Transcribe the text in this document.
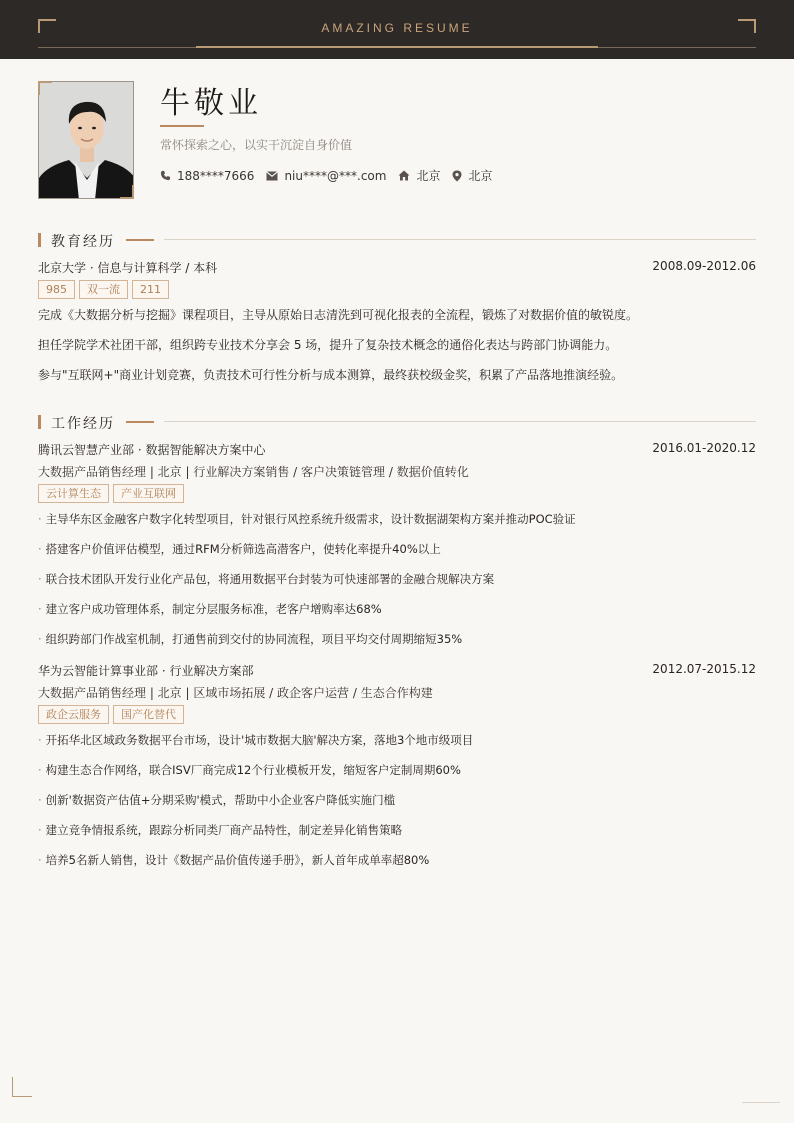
AMAZING RESUME
牛敬业
常怀探索之心，以实干沉淀自身价值
188****7666	niu****@***.com	北京 北京
教育经历
北京大学 · 信息与计算科学 / 本科	2008.09-2012.06
985	双一流	211
完成《大数据分析与挖掘》课程项目，主导从原始日志清洗到可视化报表的全流程，锻炼了对数据价值的敏锐度。
担任学院学术社团干部，组织跨专业技术分享会 5 场，提升了复杂技术概念的通俗化表达与跨部门协调能力。
参与"互联网+"商业计划竞赛，负责技术可行性分析与成本测算，最终获校级金奖，积累了产品落地推演经验。
工作经历
腾讯云智慧产业部 · 数据智能解决方案中心	2016.01-2020.12
大数据产品销售经理 | 北京 | 行业解决方案销售 / 客户决策链管理 / 数据价值转化
云计算生态	产业互联网
· 主导华东区金融客户数字化转型项目，针对银行风控系统升级需求，设计数据湖架构方案并推动POC验证
· 搭建客户价值评估模型，通过RFM分析筛选高潜客户，使转化率提升40%以上
· 联合技术团队开发行业化产品包，将通用数据平台封装为可快速部署的金融合规解决方案
· 建立客户成功管理体系，制定分层服务标准，老客户增购率达68%
· 组织跨部门作战室机制，打通售前到交付的协同流程，项目平均交付周期缩短35%
华为云智能计算事业部 · 行业解决方案部	2012.07-2015.12
大数据产品销售经理 | 北京 | 区域市场拓展 / 政企客户运营 / 生态合作构建
政企云服务	国产化替代
· 开拓华北区域政务数据平台市场，设计'城市数据大脑'解决方案，落地3个地市级项目
· 构建生态合作网络，联合ISV厂商完成12个行业模板开发，缩短客户定制周期60%
· 创新'数据资产估值+分期采购'模式，帮助中小企业客户降低实施门槛
· 建立竞争情报系统，跟踪分析同类厂商产品特性，制定差异化销售策略
· 培养5名新人销售，设计《数据产品价值传递手册》，新人首年成单率超80%
